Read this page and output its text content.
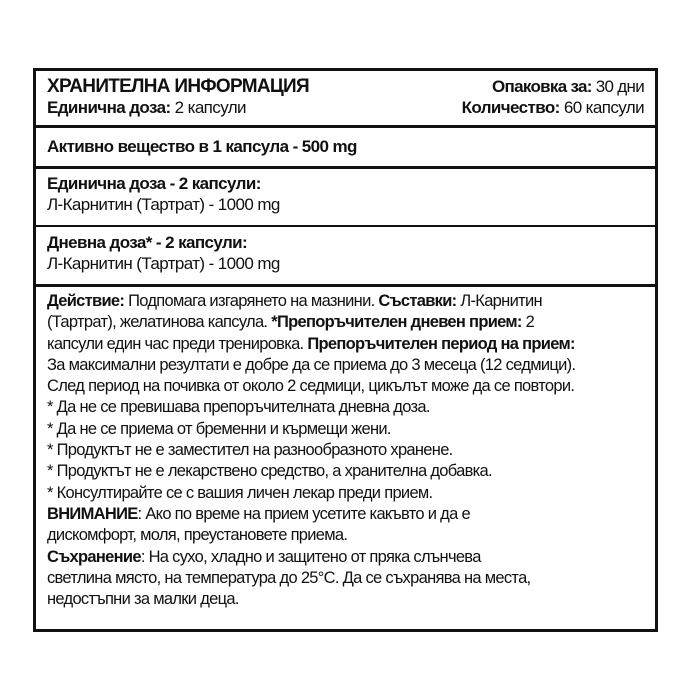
ХРАНИТЕЛНА ИНФОРМАЦИЯ	Опаковка за: 30 дни
Единична доза: 2 капсули	Количество: 60 капсули
Активно вещество в 1 капсула - 500 mg
Единична доза - 2 капсули:
Л-Карнитин (Тартрат) - 1000 mg
Дневна доза* - 2 капсули:
Л-Карнитин (Тартрат) - 1000 mg
Действие: Подпомага изгарянето на мазнини. Съставки: Л-Карнитин
(Тартрат), желатинова капсула. *Препоръчителен дневен прием: 2
капсули един час преди тренировка. Препоръчителен период на прием:
За максимални резултати е добре да се приема до 3 месеца (12 седмици).
След период на почивка от около 2 седмици, цикълът може да се повтори.
* Да не се превишава препоръчителната дневна доза.
* Да не се приема от бременни и кърмещи жени.
* Продуктът не е заместител на разнообразното хранене.
* Продуктът не е лекарствено средство, а хранителна добавка.
* Консултирайте се с вашия личен лекар преди прием.
ВНИМАНИЕ: Ако по време на прием усетите какъвто и да е
дискомфорт, моля, преустановете приема.
Съхранение: На сухо, хладно и защитено от пряка слънчева
светлина място, на температура до 25°С. Да се съхранява на места,
недостъпни за малки деца.
